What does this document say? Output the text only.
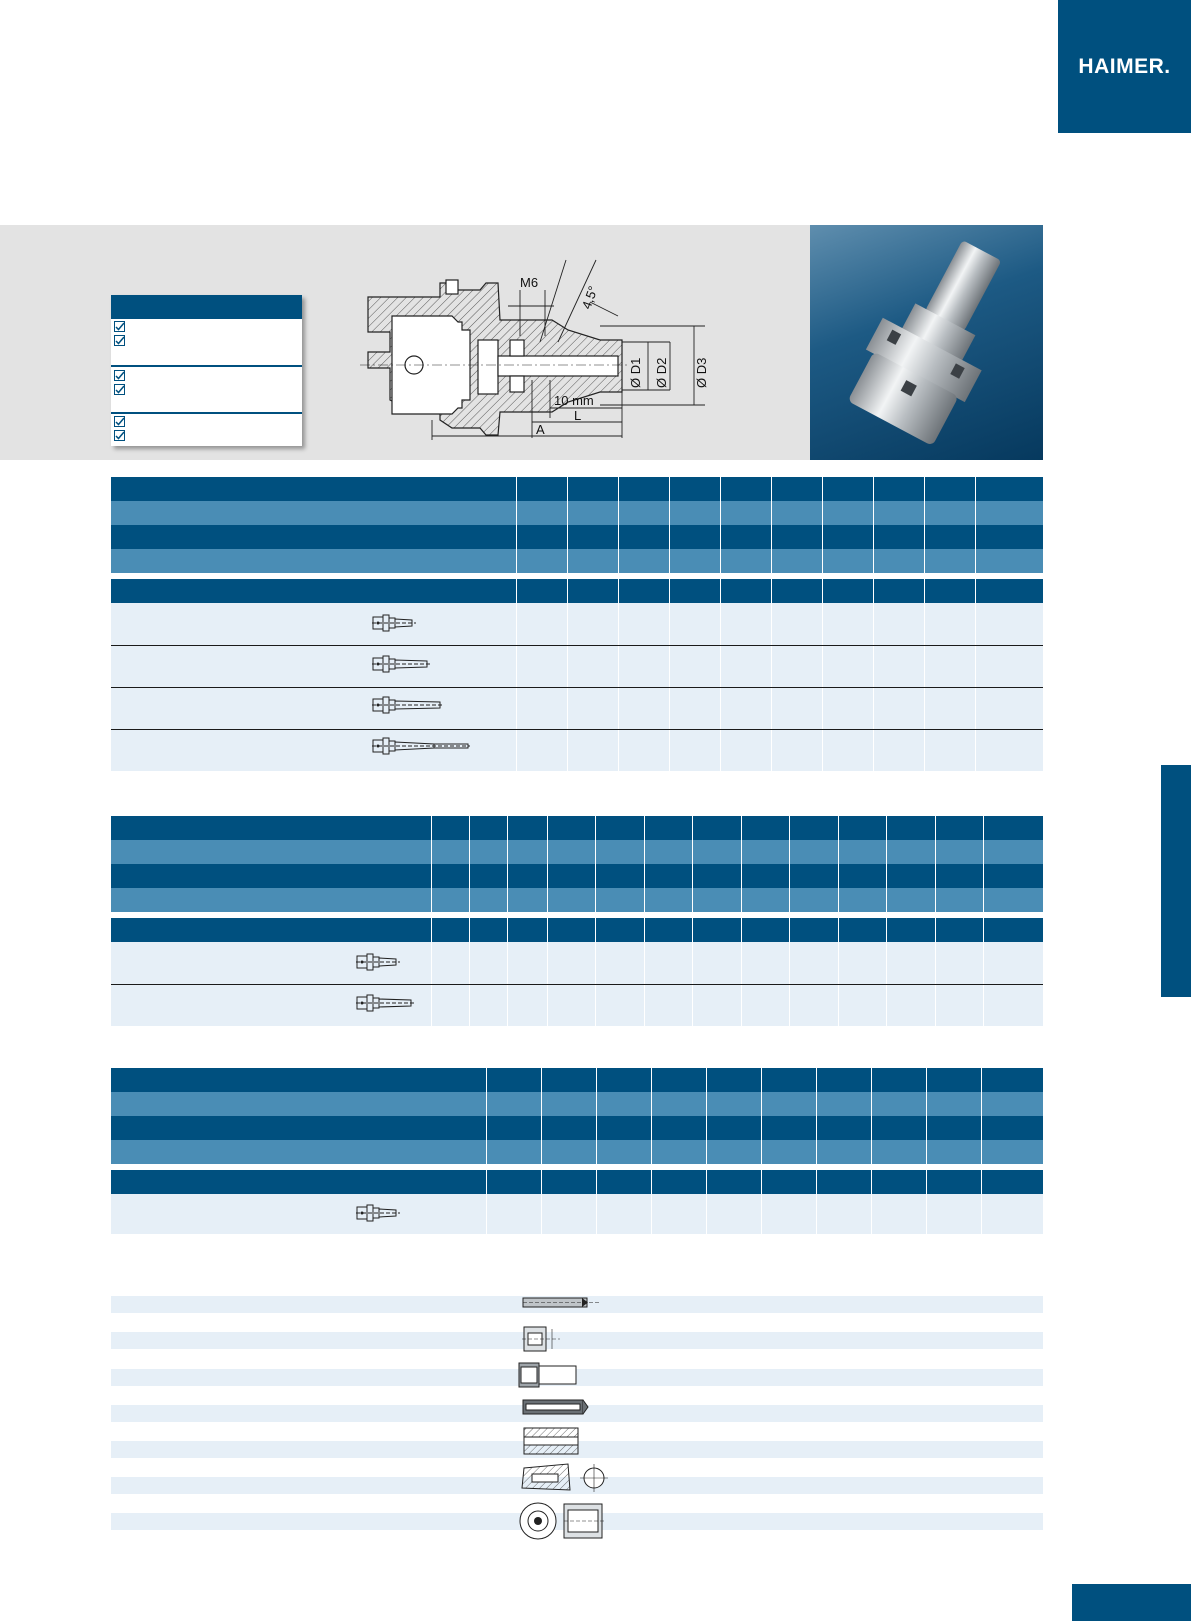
HAIMER.
M6
4,5°
Ø D1 Ø D2 Ø D3
10 mm
L
A
